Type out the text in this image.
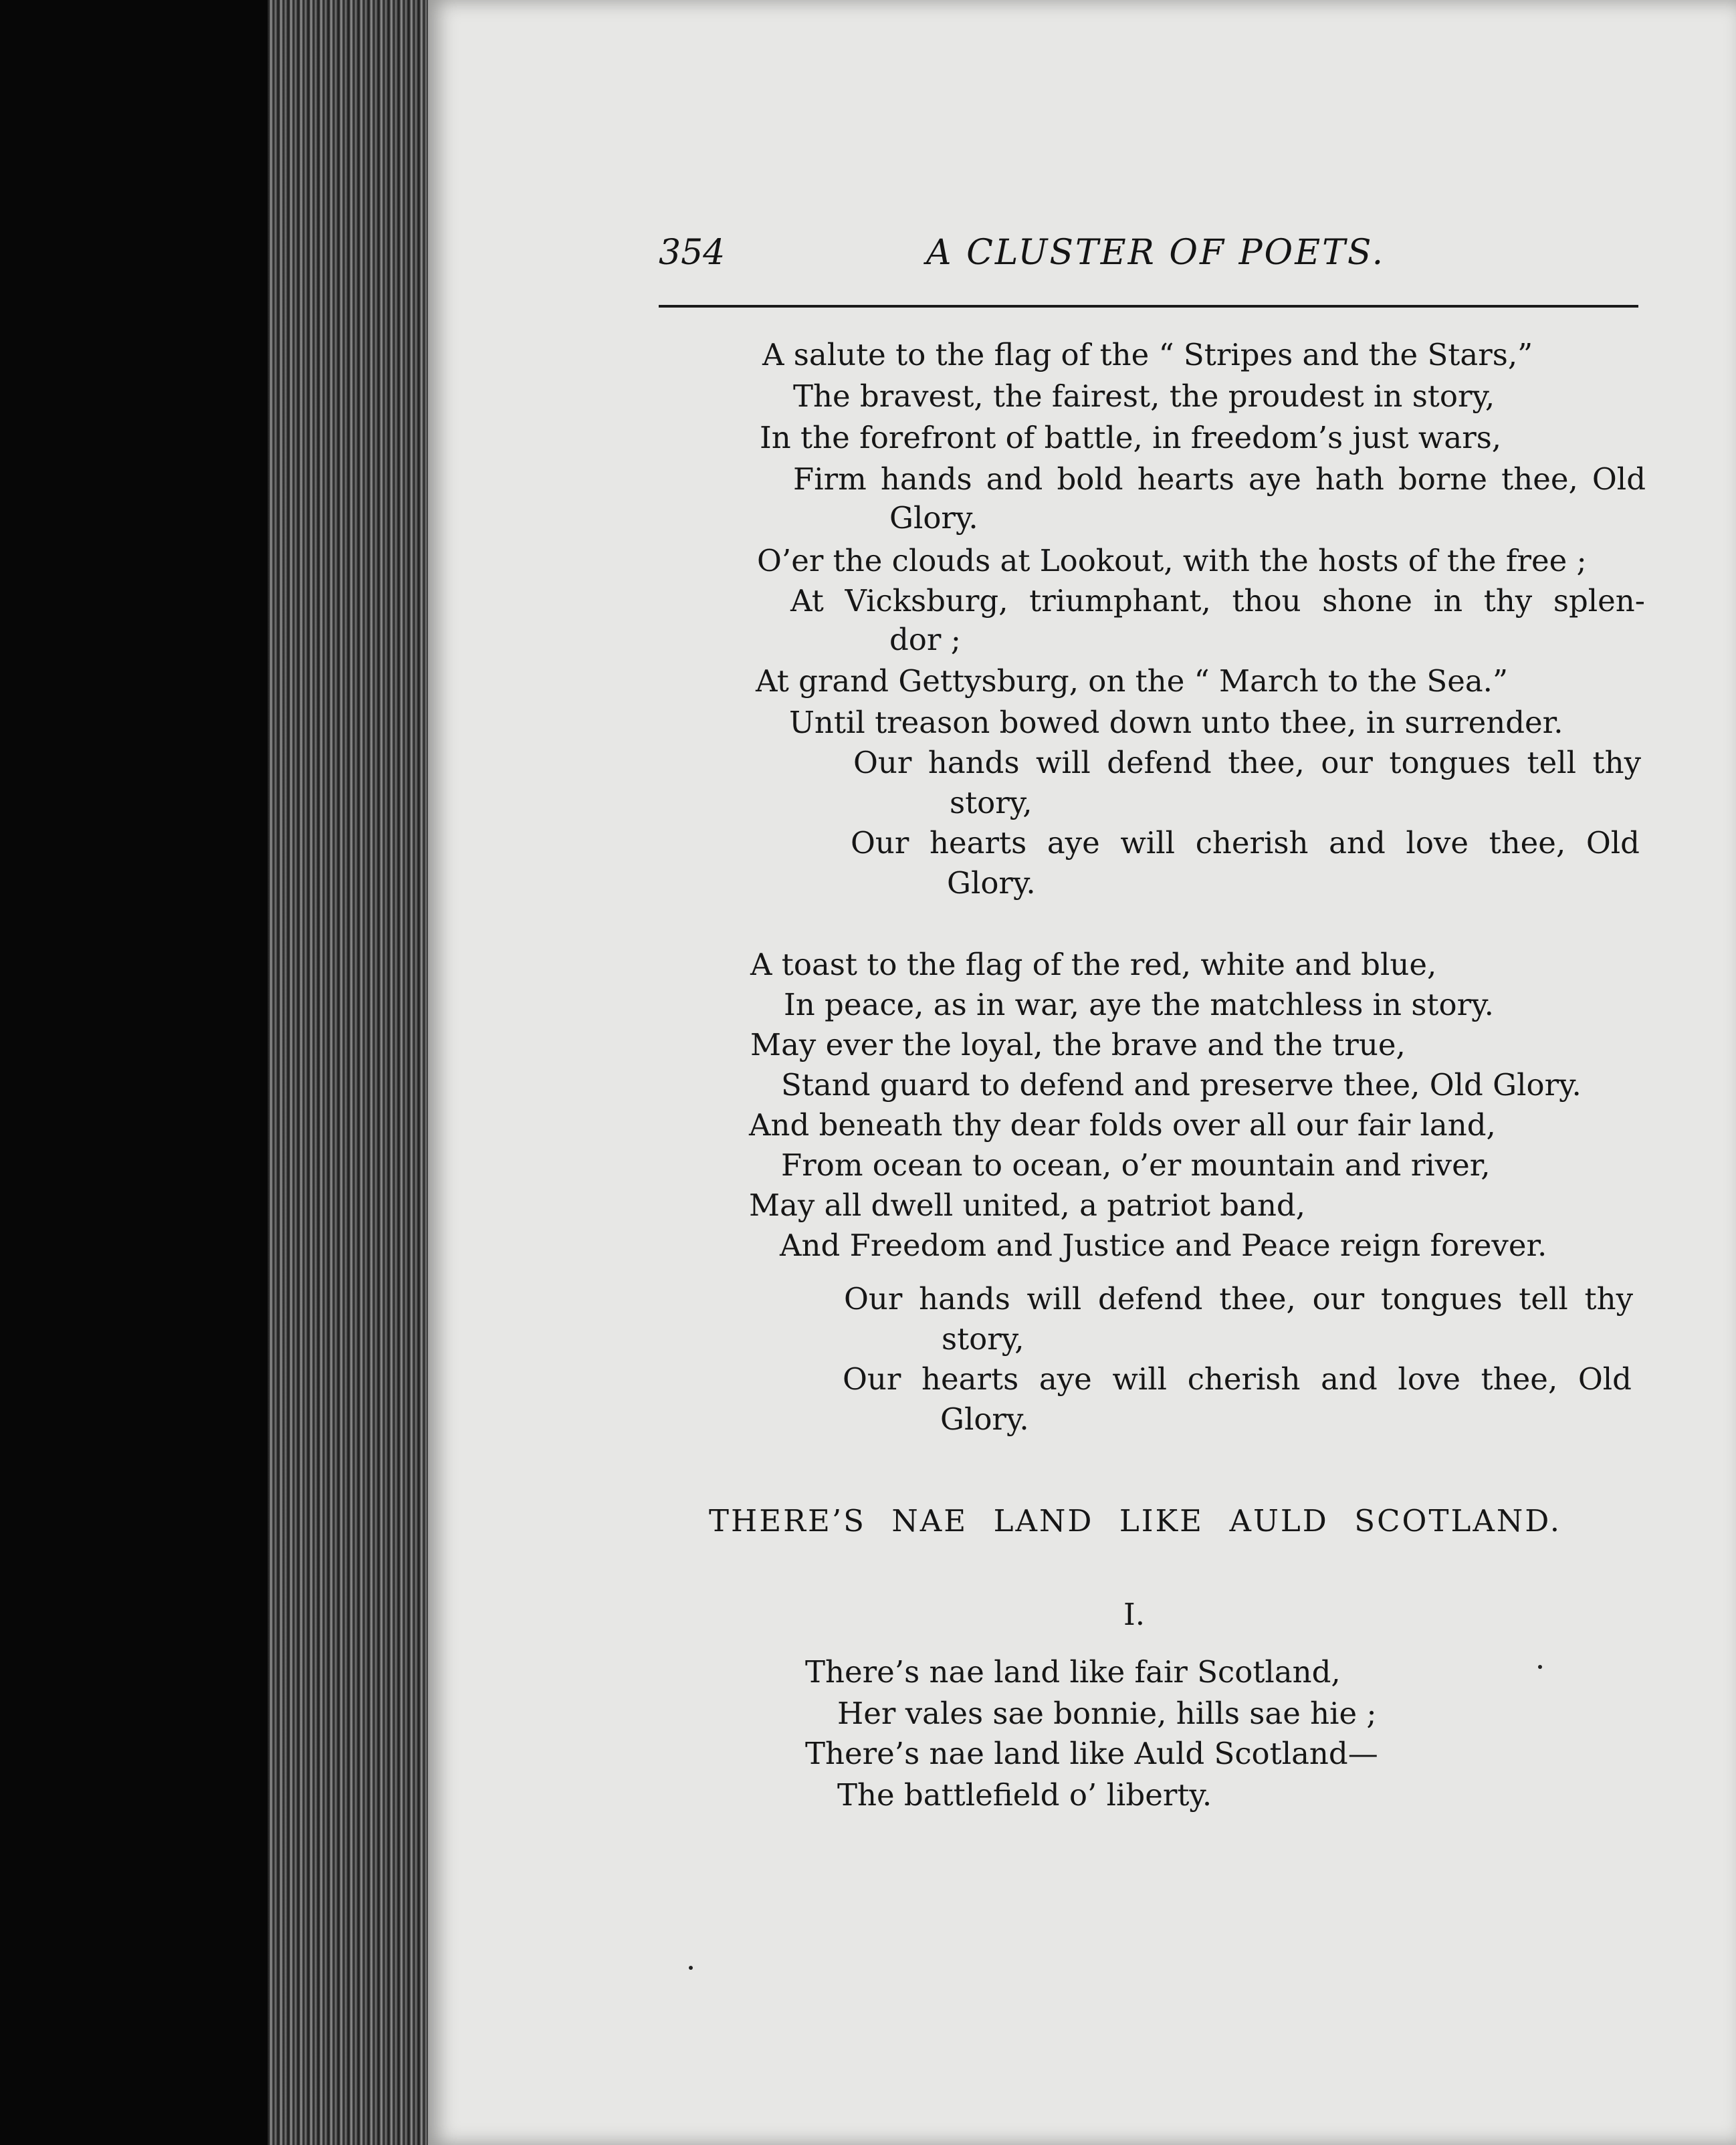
354	A CLUSTER OF POETS.
A salute to the flag of the “ Stripes and the Stars,”
The bravest, the fairest, the proudest in story,
In the forefront of battle, in freedom’s just wars,
Firm hands and bold hearts aye hath borne thee, Old
Glory.
O’er the clouds at Lookout, with the hosts of the free ;
At Vicksburg, triumphant, thou shone in thy splen-
dor ;
At grand Gettysburg, on the “ March to the Sea.”
Until treason bowed down unto thee, in surrender.
Our hands will defend thee, our tongues tell thy
story,
Our hearts aye will cherish and love thee, Old
Glory.
A toast to the flag of the red, white and blue,
In peace, as in war, aye the matchless in story.
May ever the loyal, the brave and the true,
Stand guard to defend and preserve thee, Old Glory.
And beneath thy dear folds over all our fair land,
From ocean to ocean, o’er mountain and river,
May all dwell united, a patriot band,
And Freedom and Justice and Peace reign forever.
Our hands will defend thee, our tongues tell thy
story,
Our hearts aye will cherish and love thee, Old
Glory.
THERE’S NAE LAND LIKE AULD SCOTLAND.
I.
There’s nae land like fair Scotland,
Her vales sae bonnie, hills sae hie ;
There’s nae land like Auld Scotland—
The battlefield o’ liberty.
